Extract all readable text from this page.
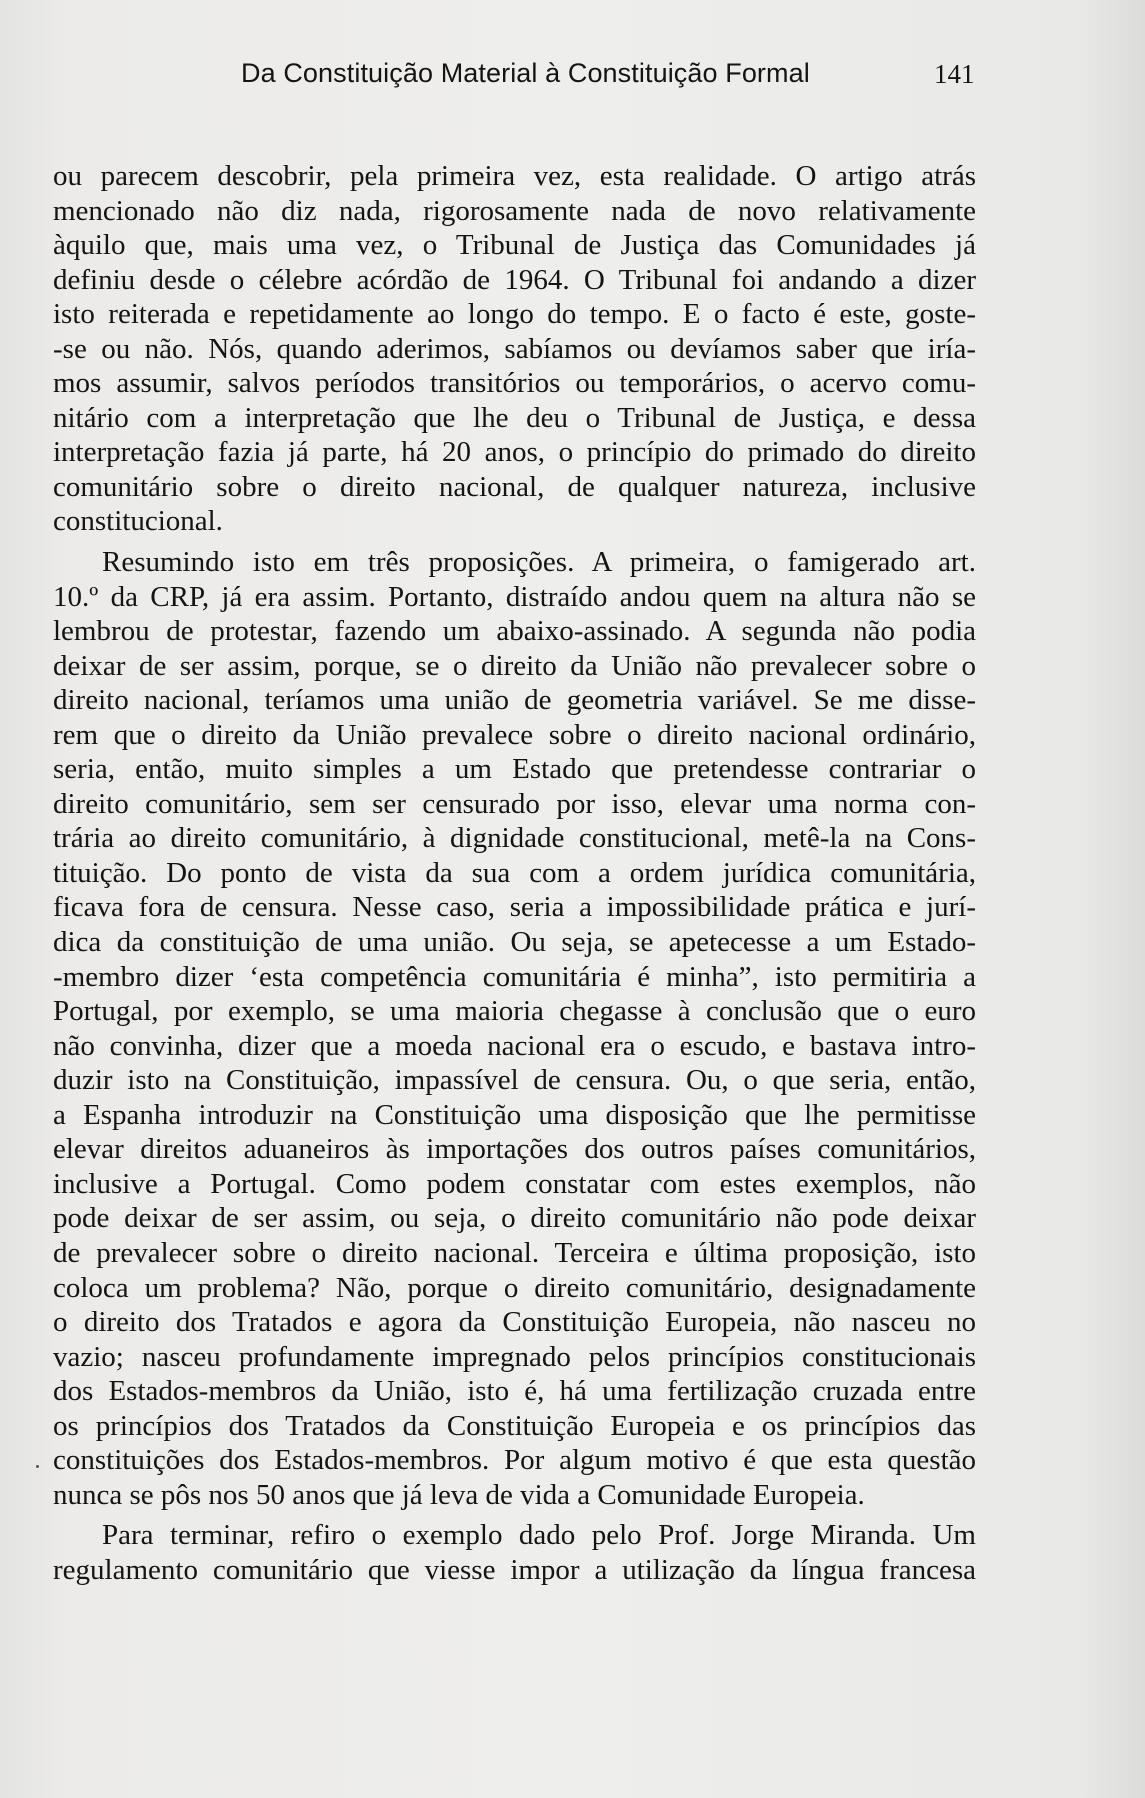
Da Constituição Material à Constituição Formal	141
ou parecem descobrir, pela primeira vez, esta realidade. O artigo atrás
mencionado não diz nada, rigorosamente nada de novo relativamente
àquilo que, mais uma vez, o Tribunal de Justiça das Comunidades já
definiu desde o célebre acórdão de 1964. O Tribunal foi andando a dizer
isto reiterada e repetidamente ao longo do tempo. E o facto é este, goste-
-se ou não. Nós, quando aderimos, sabíamos ou devíamos saber que iría-
mos assumir, salvos períodos transitórios ou temporários, o acervo comu-
nitário com a interpretação que lhe deu o Tribunal de Justiça, e dessa
interpretação fazia já parte, há 20 anos, o princípio do primado do direito
comunitário sobre o direito nacional, de qualquer natureza, inclusive
constitucional.
Resumindo isto em três proposições. A primeira, o famigerado art.
10.º da CRP, já era assim. Portanto, distraído andou quem na altura não se
lembrou de protestar, fazendo um abaixo-assinado. A segunda não podia
deixar de ser assim, porque, se o direito da União não prevalecer sobre o
direito nacional, teríamos uma união de geometria variável. Se me disse-
rem que o direito da União prevalece sobre o direito nacional ordinário,
seria, então, muito simples a um Estado que pretendesse contrariar o
direito comunitário, sem ser censurado por isso, elevar uma norma con-
trária ao direito comunitário, à dignidade constitucional, metê-la na Cons-
tituição. Do ponto de vista da sua com a ordem jurídica comunitária,
ficava fora de censura. Nesse caso, seria a impossibilidade prática e jurí-
dica da constituição de uma união. Ou seja, se apetecesse a um Estado-
-membro dizer ‘esta competência comunitária é minha”, isto permitiria a
Portugal, por exemplo, se uma maioria chegasse à conclusão que o euro
não convinha, dizer que a moeda nacional era o escudo, e bastava intro-
duzir isto na Constituição, impassível de censura. Ou, o que seria, então,
a Espanha introduzir na Constituição uma disposição que lhe permitisse
elevar direitos aduaneiros às importações dos outros países comunitários,
inclusive a Portugal. Como podem constatar com estes exemplos, não
pode deixar de ser assim, ou seja, o direito comunitário não pode deixar
de prevalecer sobre o direito nacional. Terceira e última proposição, isto
coloca um problema? Não, porque o direito comunitário, designadamente
o direito dos Tratados e agora da Constituição Europeia, não nasceu no
vazio; nasceu profundamente impregnado pelos princípios constitucionais
dos Estados-membros da União, isto é, há uma fertilização cruzada entre
os princípios dos Tratados da Constituição Europeia e os princípios das
constituições dos Estados-membros. Por algum motivo é que esta questão
nunca se pôs nos 50 anos que já leva de vida a Comunidade Europeia.
Para terminar, refiro o exemplo dado pelo Prof. Jorge Miranda. Um
regulamento comunitário que viesse impor a utilização da língua francesa
